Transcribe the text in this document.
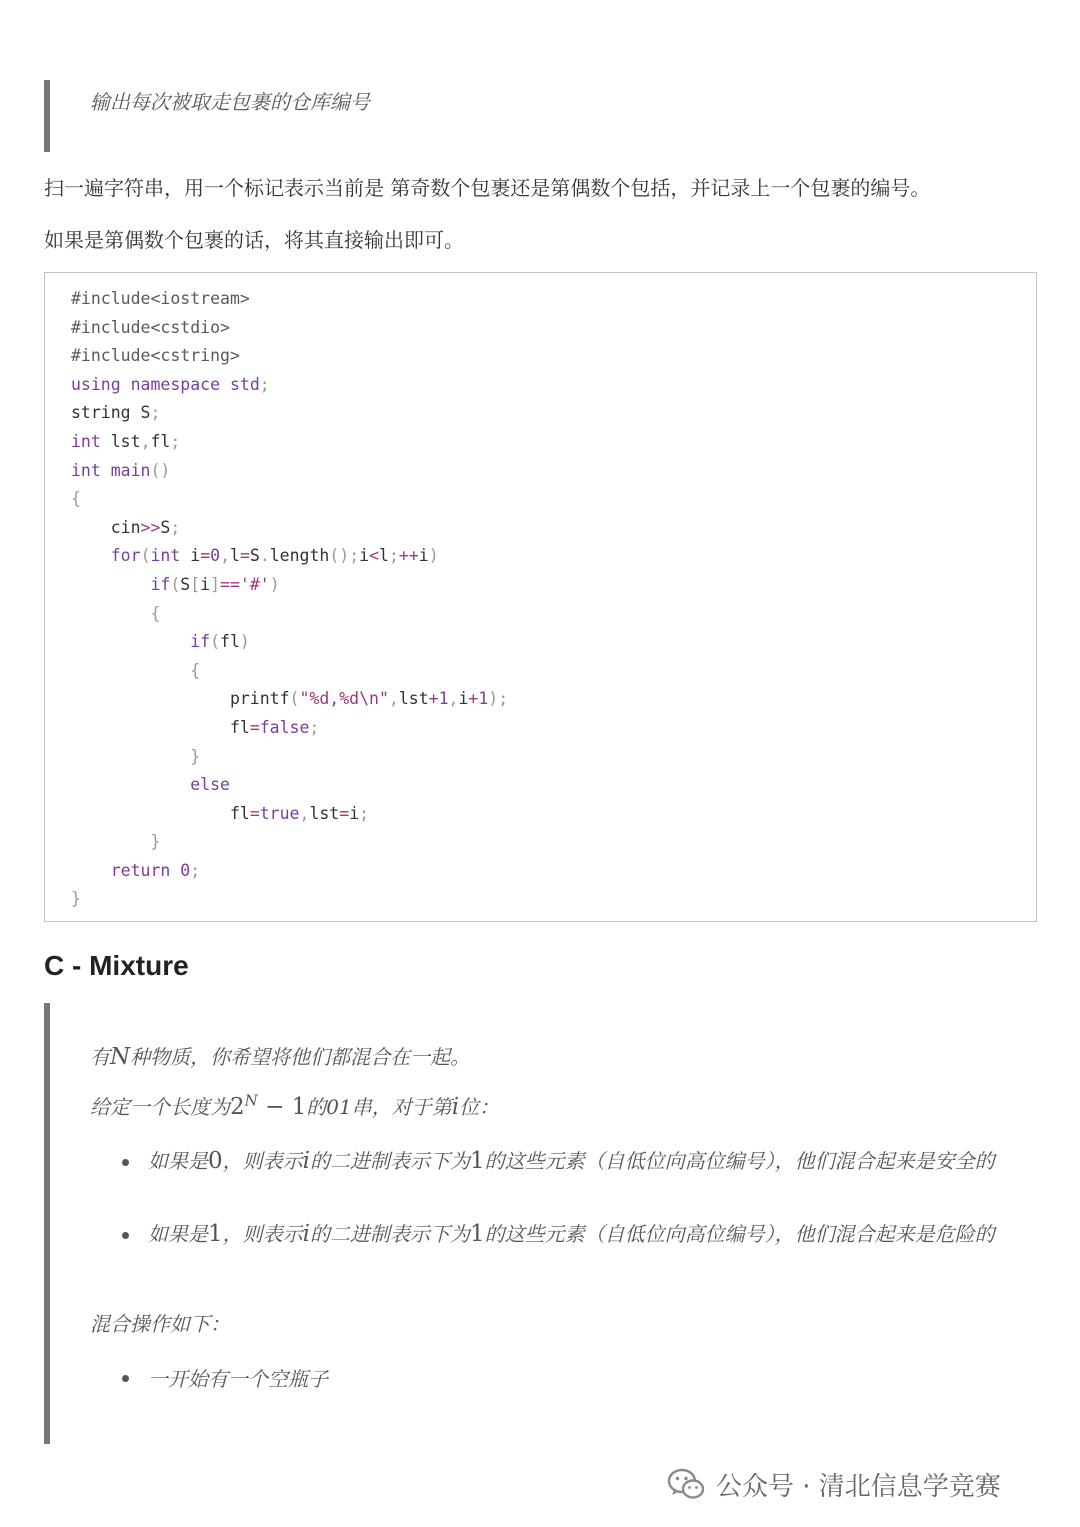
输出每次被取走包裹的仓库编号
扫一遍字符串，用一个标记表示当前是 第奇数个包裹还是第偶数个包括，并记录上一个包裹的编号。
如果是第偶数个包裹的话，将其直接输出即可。
#include<iostream>
#include<cstdio>
#include<cstring>
using namespace std;
string S;
int lst,fl;
int main()
{
cin>>S;
for(int i=0,l=S.length();i<l;++i)
if(S[i]=='#')
{
if(fl)
{
printf("%d,%d\n",lst+1,i+1);
fl=false;
}
else
fl=true,lst=i;
}
return 0;
}
C - Mixture
有N种物质，你希望将他们都混合在一起。
给定一个长度为$2^N - 1$的01串，对于第i位：
如果是0，则表示i的二进制表示下为1的这些元素（自低位向高位编号），他们混合起来是安全的
如果是1，则表示i的二进制表示下为1的这些元素（自低位向高位编号），他们混合起来是危险的
混合操作如下：
一开始有一个空瓶子
公众号 · 清北信息学竞赛
